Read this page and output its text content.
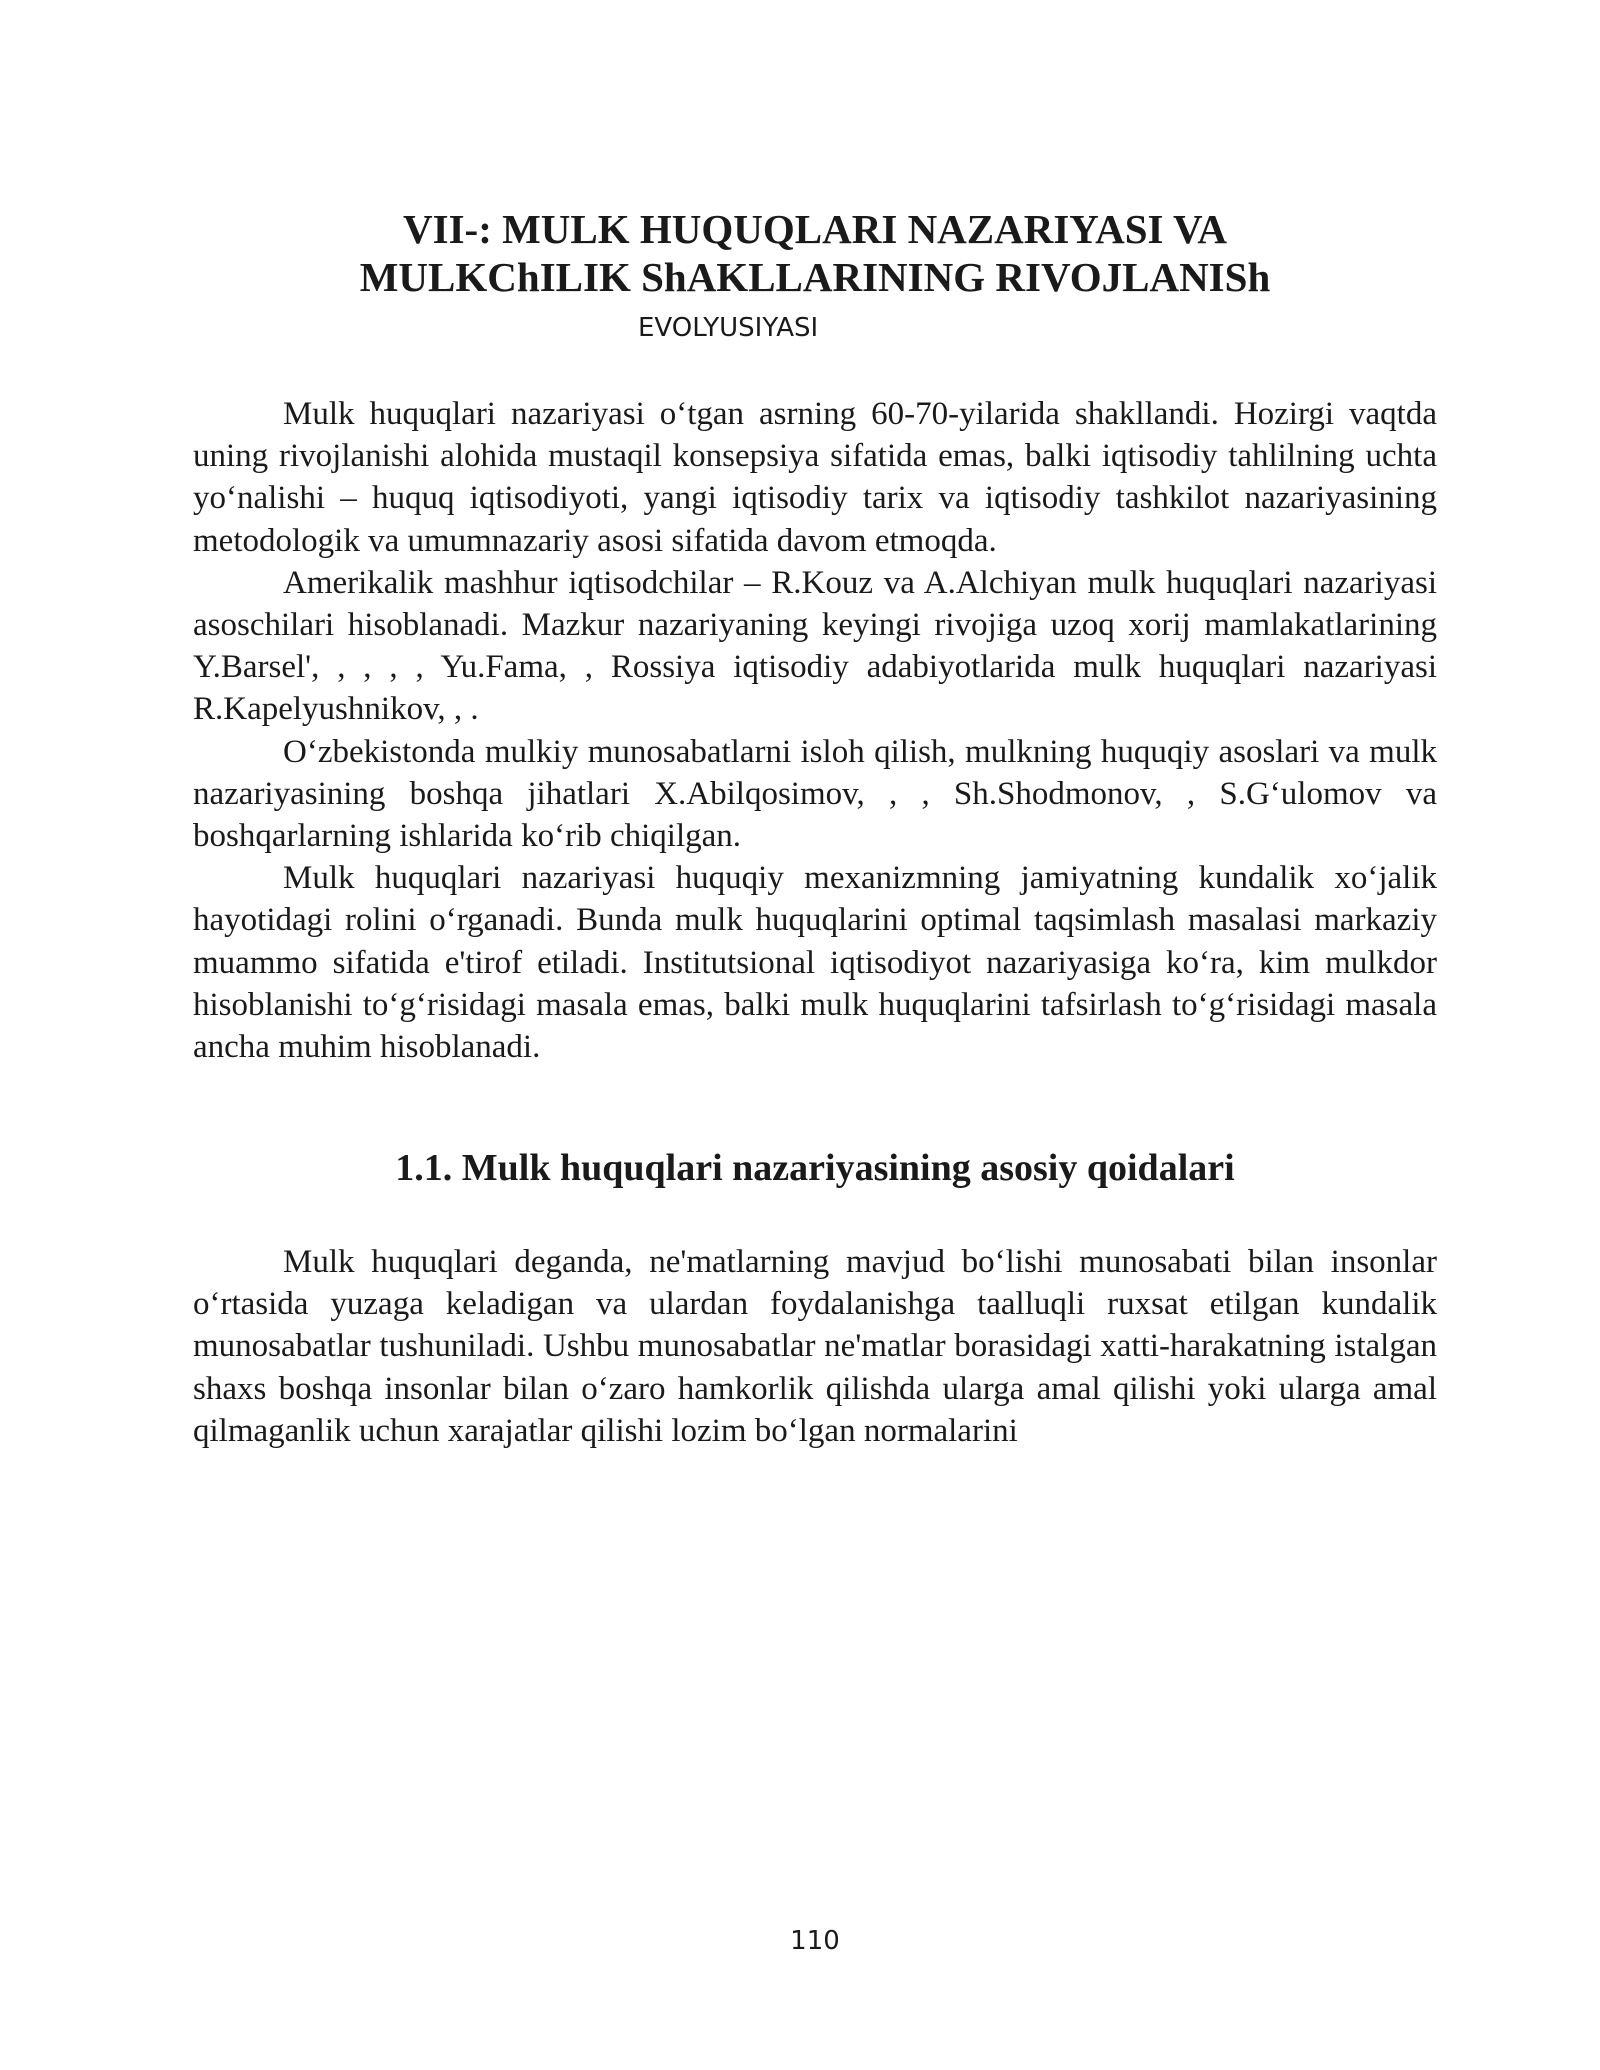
VII-: MULK HUQUQLARI NAZARIYASI VA
MULKChILIK ShAKLLARINING RIVOJLANISh
EVOLYUSIYASI

Mulk huquqlari nazariyasi o‘tgan asrning 60-70-yilarida shakllandi. Hozirgi vaqtda uning rivojlanishi alohida mustaqil konsepsiya sifatida emas, balki iqtisodiy tahlilning uchta yo‘nalishi – huquq iqtisodiyoti, yangi iqtisodiy tarix va iqtisodiy tashkilot nazariyasining metodologik va umumnazariy asosi sifatida davom etmoqda.

Amerikalik mashhur iqtisodchilar – R.Kouz va A.Alchiyan mulk huquqlari nazariyasi asoschilari hisoblanadi. Mazkur nazariyaning keyingi rivojiga uzoq xorij mamlakatlarining Y.Barsel', , , , , Yu.Fama, , Rossiya iqtisodiy adabiyotlarida mulk huquqlari nazariyasi R.Kapelyushnikov, , .

O‘zbekistonda mulkiy munosabatlarni isloh qilish, mulkning huquqiy asoslari va mulk nazariyasining boshqa jihatlari X.Abilqosimov, , , Sh.Shodmonov, , S.G‘ulomov va boshqarlarning ishlarida ko‘rib chiqilgan.

Mulk huquqlari nazariyasi huquqiy mexanizmning jamiyatning kundalik xo‘jalik hayotidagi rolini o‘rganadi. Bunda mulk huquqlarini optimal taqsimlash masalasi markaziy muammo sifatida e'tirof etiladi. Institutsional iqtisodiyot nazariyasiga ko‘ra, kim mulkdor hisoblanishi to‘g‘risidagi masala emas, balki mulk huquqlarini tafsirlash to‘g‘risidagi masala ancha muhim hisoblanadi.

1.1. Mulk huquqlari nazariyasining asosiy qoidalari

Mulk huquqlari deganda, ne'matlarning mavjud bo‘lishi munosabati bilan insonlar o‘rtasida yuzaga keladigan va ulardan foydalanishga taalluqli ruxsat etilgan kundalik munosabatlar tushuniladi. Ushbu munosabatlar ne'matlar borasidagi xatti-harakatning istalgan shaxs boshqa insonlar bilan o‘zaro hamkorlik qilishda ularga amal qilishi yoki ularga amal qilmaganlik uchun xarajatlar qilishi lozim bo‘lgan normalarini

110
